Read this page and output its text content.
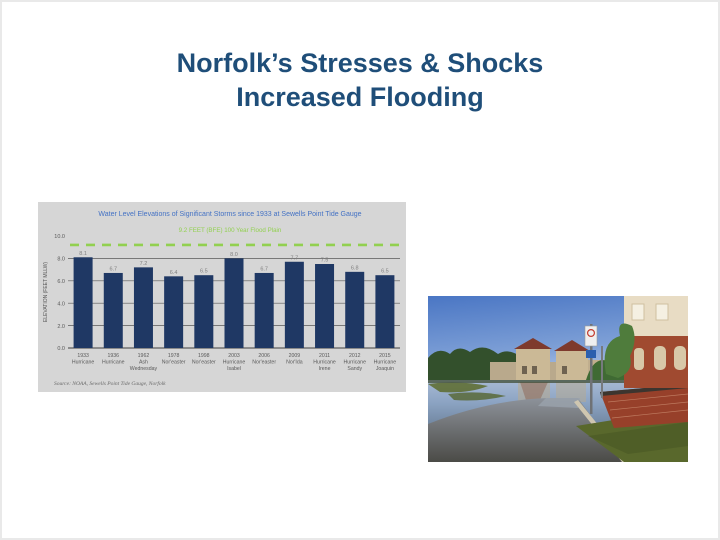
Norfolk’s Stresses & Shocks
Increased Flooding
Water Level Elevations of Significant Storms since 1933 at Sewells Point Tide Gauge
9.2 FEET (BFE) 100 Year Flood Plain
0.0
2.0
4.0
6.0
8.0
10.0
ELEVATION (FEET MLLW)
8.1
1933
Hurricane
6.7
1936
Hurricane
7.2
1962
Ash
Wednesday
6.4
1978
Nor'easter
6.5
1998
Nor'easter
8.0
2003
Hurricane
Isabel
6.7
2006
Nor'easter
7.7
2009
Nor'Ida
7.5
2011
Hurricane
Irene
6.8
2012
Hurricane
Sandy
6.5
2015
Hurricane
Joaquin
Source: NOAA, Sewells Point Tide Gauge, Norfolk
